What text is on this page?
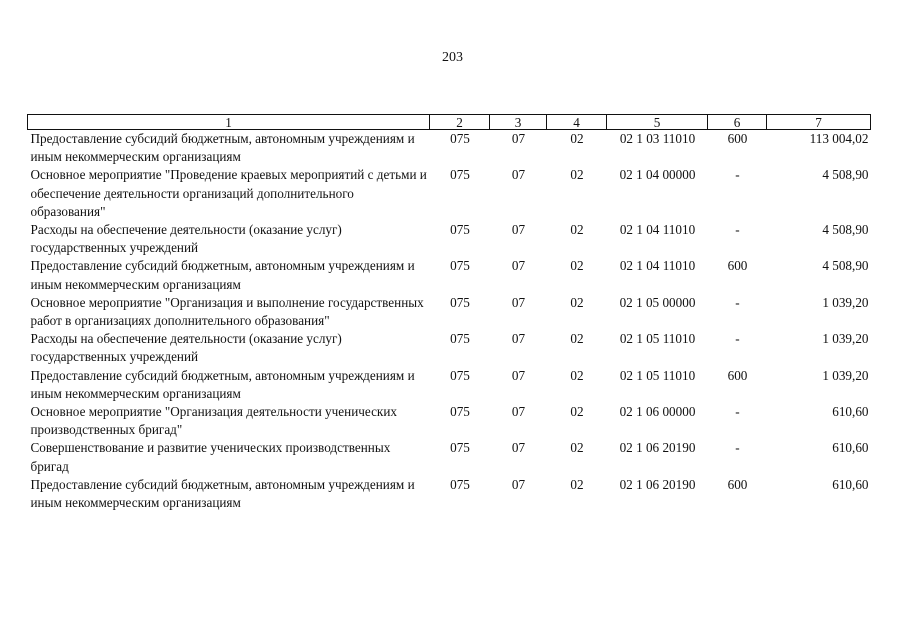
203
1	2	3	4	5	6	7
Предоставление субсидий бюджетным, автономным учреждениям и иным некоммерческим организациям	075	07	02	02 1 03 11010	600	113 004,02
Основное мероприятие "Проведение краевых мероприятий с детьми и обеспечение деятельности организаций дополнительного образования"	075	07	02	02 1 04 00000	-	4 508,90
Расходы на обеспечение деятельности (оказание услуг) государственных учреждений	075	07	02	02 1 04 11010	-	4 508,90
Предоставление субсидий бюджетным, автономным учреждениям и иным некоммерческим организациям	075	07	02	02 1 04 11010	600	4 508,90
Основное мероприятие "Организация и выполнение государственных работ в организациях дополнительного образования"	075	07	02	02 1 05 00000	-	1 039,20
Расходы на обеспечение деятельности (оказание услуг) государственных учреждений	075	07	02	02 1 05 11010	-	1 039,20
Предоставление субсидий бюджетным, автономным учреждениям и иным некоммерческим организациям	075	07	02	02 1 05 11010	600	1 039,20
Основное мероприятие "Организация деятельности ученических производственных бригад"	075	07	02	02 1 06 00000	-	610,60
Совершенствование и развитие ученических производственных бригад	075	07	02	02 1 06 20190	-	610,60
Предоставление субсидий бюджетным, автономным учреждениям и иным некоммерческим организациям	075	07	02	02 1 06 20190	600	610,60
